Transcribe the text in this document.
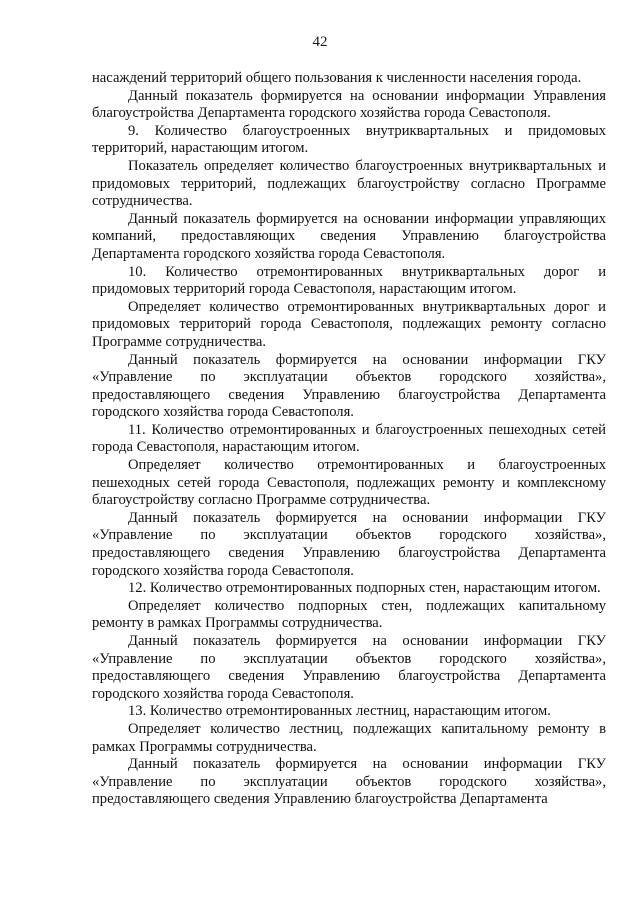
42

насаждений территорий общего пользования к численности населения города.

Данный показатель формируется на основании информации Управления благоустройства Департамента городского хозяйства города Севастополя.

9. Количество благоустроенных внутриквартальных и придомовых территорий, нарастающим итогом.

Показатель определяет количество благоустроенных внутриквартальных и придомовых территорий, подлежащих благоустройству согласно Программе сотрудничества.

Данный показатель формируется на основании информации управляющих компаний, предоставляющих сведения Управлению благоустройства Департамента городского хозяйства города Севастополя.

10. Количество отремонтированных внутриквартальных дорог и придомовых территорий города Севастополя, нарастающим итогом.

Определяет количество отремонтированных внутриквартальных дорог и придомовых территорий города Севастополя, подлежащих ремонту согласно Программе сотрудничества.

Данный показатель формируется на основании информации ГКУ «Управление по эксплуатации объектов городского хозяйства», предоставляющего сведения Управлению благоустройства Департамента городского хозяйства города Севастополя.

11. Количество отремонтированных и благоустроенных пешеходных сетей города Севастополя, нарастающим итогом.

Определяет количество отремонтированных и благоустроенных пешеходных сетей города Севастополя, подлежащих ремонту и комплексному благоустройству согласно Программе сотрудничества.

Данный показатель формируется на основании информации ГКУ «Управление по эксплуатации объектов городского хозяйства», предоставляющего сведения Управлению благоустройства Департамента городского хозяйства города Севастополя.

12. Количество отремонтированных подпорных стен, нарастающим итогом.

Определяет количество подпорных стен, подлежащих капитальному ремонту в рамках Программы сотрудничества.

Данный показатель формируется на основании информации ГКУ «Управление по эксплуатации объектов городского хозяйства», предоставляющего сведения Управлению благоустройства Департамента городского хозяйства города Севастополя.

13. Количество отремонтированных лестниц, нарастающим итогом.

Определяет количество лестниц, подлежащих капитальному ремонту в рамках Программы сотрудничества.

Данный показатель формируется на основании информации ГКУ «Управление по эксплуатации объектов городского хозяйства», предоставляющего сведения Управлению благоустройства Департамента
